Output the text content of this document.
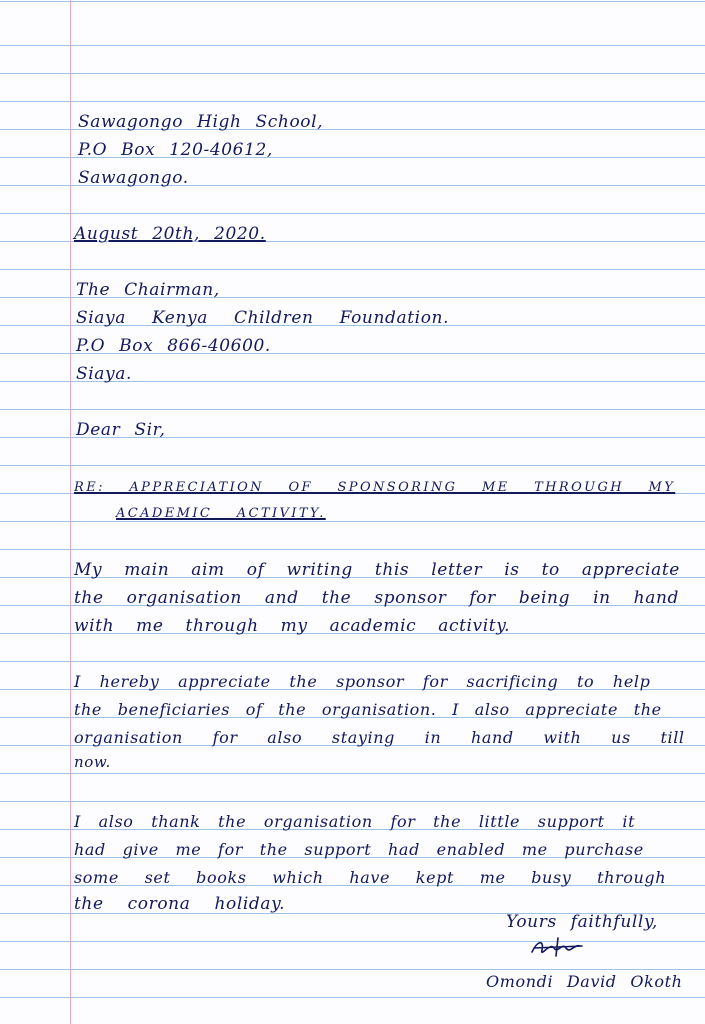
Sawagongo High School,
P.O Box 120-40612,
Sawagongo.
August 20th, 2020.
The Chairman,
Siaya Kenya Children Foundation.
P.O Box 866-40600.
Siaya.
Dear Sir,
RE: APPRECIATION OF SPONSORING ME THROUGH MY
ACADEMIC ACTIVITY.
My main aim of writing this letter is to appreciate
the organisation and the sponsor for being in hand
with me through my academic activity.
I hereby appreciate the sponsor for sacrificing to help
the beneficiaries of the organisation. I also appreciate the
organisation for also staying in hand with us till
now.
I also thank the organisation for the little support it
had give me for the support had enabled me purchase
some set books which have kept me busy through
the corona holiday.
Yours faithfully,
Omondi David Okoth
